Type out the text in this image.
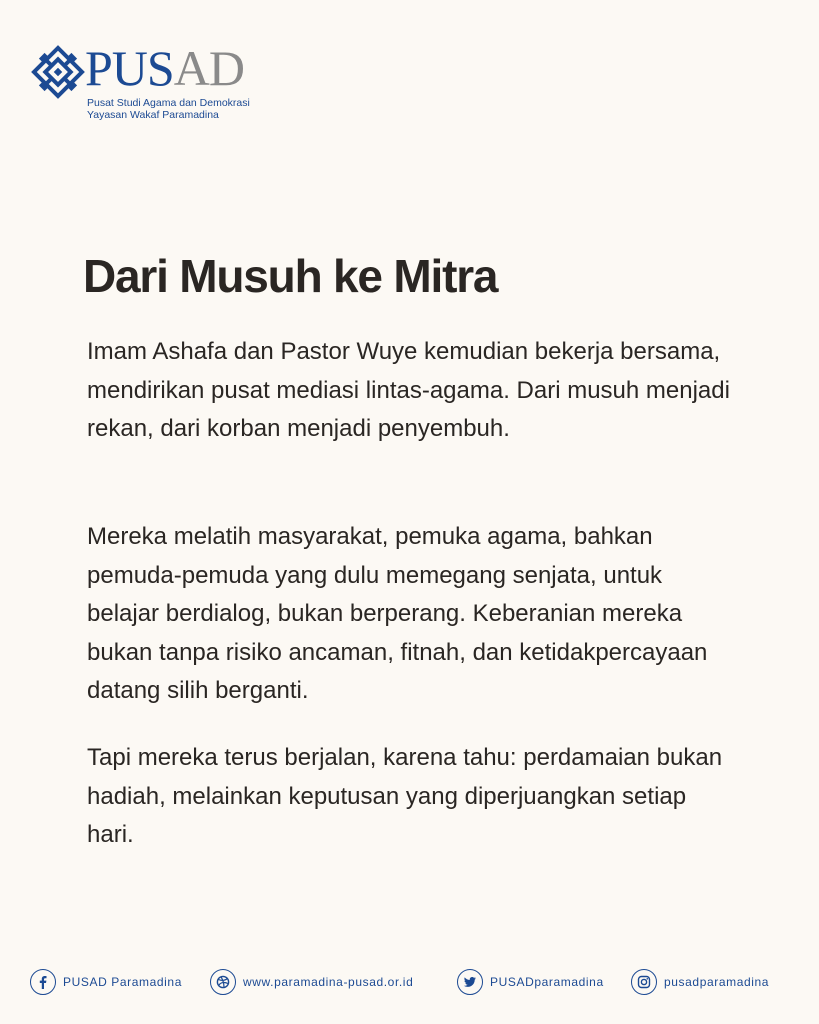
PUSAD
Pusat Studi Agama dan Demokrasi
Yayasan Wakaf Paramadina
Dari Musuh ke Mitra

Imam Ashafa dan Pastor Wuye kemudian bekerja bersama, mendirikan pusat mediasi lintas-agama. Dari musuh menjadi rekan, dari korban menjadi penyembuh.

Mereka melatih masyarakat, pemuka agama, bahkan pemuda-pemuda yang dulu memegang senjata, untuk belajar berdialog, bukan berperang. Keberanian mereka bukan tanpa risiko ancaman, fitnah, dan ketidakpercayaan datang silih berganti.

Tapi mereka terus berjalan, karena tahu: perdamaian bukan hadiah, melainkan keputusan yang diperjuangkan setiap hari.

PUSAD Paramadina	www.paramadina-pusad.or.id	PUSADparamadina	pusadparamadina
